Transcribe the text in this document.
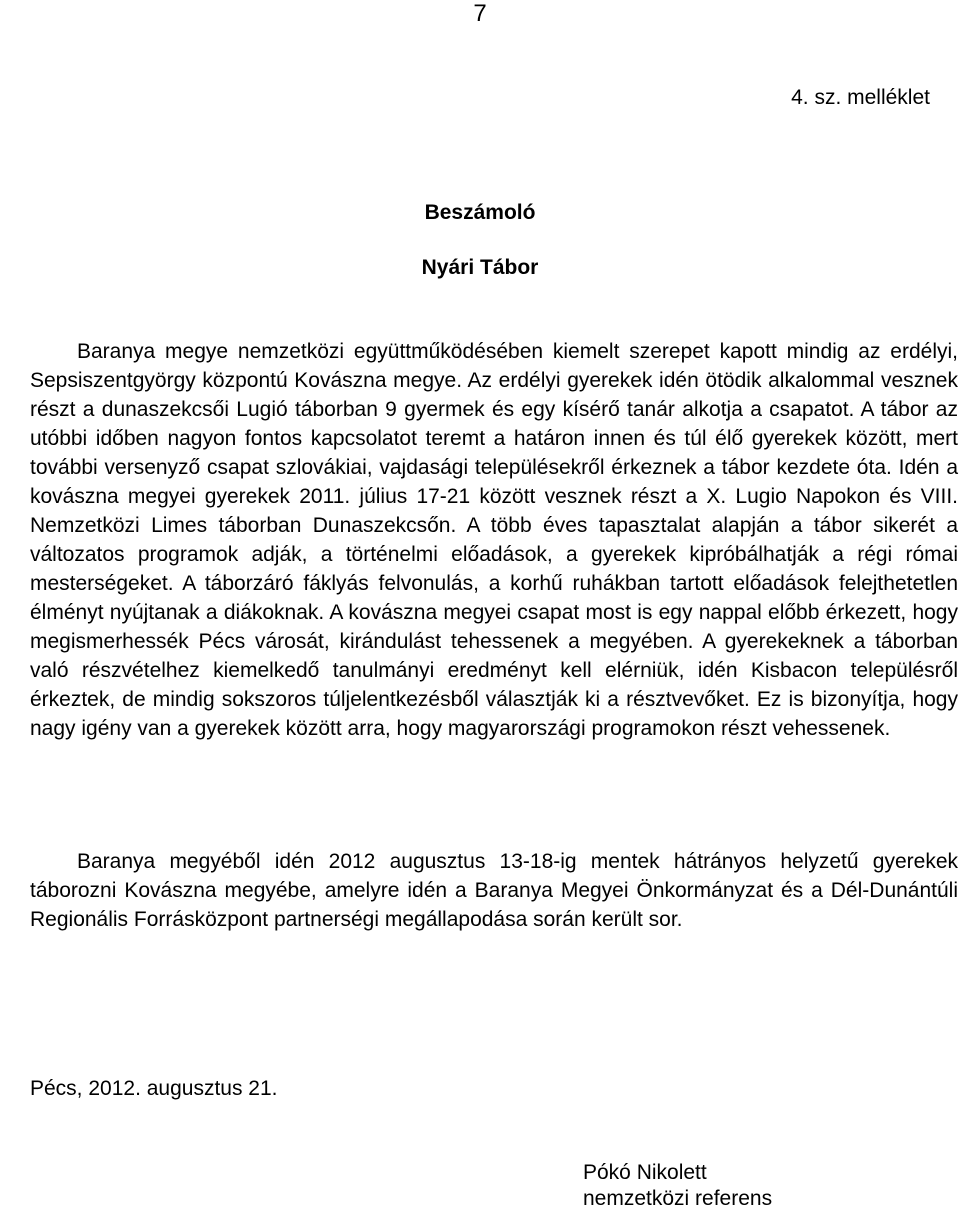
7
4. sz. melléklet
Beszámoló
Nyári Tábor

Baranya megye nemzetközi együttműködésében kiemelt szerepet kapott mindig az erdélyi, Sepsiszentgyörgy központú Kovászna megye. Az erdélyi gyerekek idén ötödik alkalommal vesznek részt a dunaszekcsői Lugió táborban 9 gyermek és egy kísérő tanár alkotja a csapatot. A tábor az utóbbi időben nagyon fontos kapcsolatot teremt a határon innen és túl élő gyerekek között, mert további versenyző csapat szlovákiai, vajdasági településekről érkeznek a tábor kezdete óta. Idén a kovászna megyei gyerekek 2011. július 17-21 között vesznek részt a X. Lugio Napokon és VIII. Nemzetközi Limes táborban Dunaszekcsőn. A több éves tapasztalat alapján a tábor sikerét a változatos programok adják, a történelmi előadások, a gyerekek kipróbálhatják a régi római mesterségeket. A táborzáró fáklyás felvonulás, a korhű ruhákban tartott előadások felejthetetlen élményt nyújtanak a diákoknak. A kovászna megyei csapat most is egy nappal előbb érkezett, hogy megismerhessék Pécs városát, kirándulást tehessenek a megyében. A gyerekeknek a táborban való részvételhez kiemelkedő tanulmányi eredményt kell elérniük, idén Kisbacon településről érkeztek, de mindig sokszoros túljelentkezésből választják ki a résztvevőket. Ez is bizonyítja, hogy nagy igény van a gyerekek között arra, hogy magyarországi programokon részt vehessenek.

Baranya megyéből idén 2012 augusztus 13-18-ig mentek hátrányos helyzetű gyerekek táborozni Kovászna megyébe, amelyre idén a Baranya Megyei Önkormányzat és a Dél-Dunántúli Regionális Forrásközpont partnerségi megállapodása során került sor.

Pécs, 2012. augusztus 21.
Pókó Nikolett
nemzetközi referens
